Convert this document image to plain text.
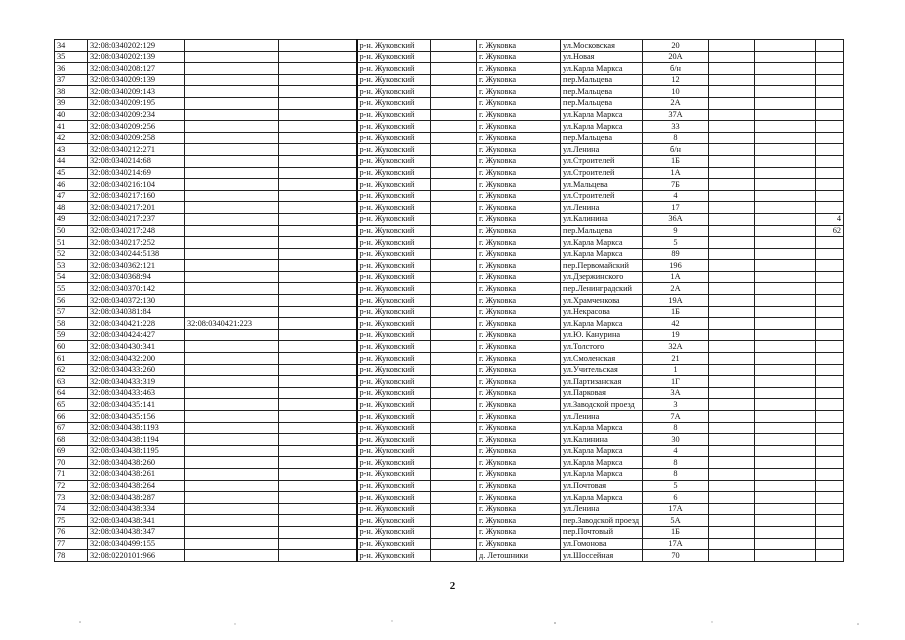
34	32:08:0340202:129			р-н. Жуковский		г. Жуковка	ул.Московская	20			
35	32:08:0340202:139			р-н. Жуковский		г. Жуковка	ул.Новая	20А			
36	32:08:0340208:127			р-н. Жуковский		г. Жуковка	ул.Карла Маркса	б/н			
37	32:08:0340209:139			р-н. Жуковский		г. Жуковка	пер.Мальцева	12			
38	32:08:0340209:143			р-н. Жуковский		г. Жуковка	пер.Мальцева	10			
39	32:08:0340209:195			р-н. Жуковский		г. Жуковка	пер.Мальцева	2А			
40	32:08:0340209:234			р-н. Жуковский		г. Жуковка	ул.Карла Маркса	37А			
41	32:08:0340209:256			р-н. Жуковский		г. Жуковка	ул.Карла Маркса	33			
42	32:08:0340209:258			р-н. Жуковский		г. Жуковка	пер.Мальцева	8			
43	32:08:0340212:271			р-н. Жуковский		г. Жуковка	ул.Ленина	б/н			
44	32:08:0340214:68			р-н. Жуковский		г. Жуковка	ул.Строителей	1Б			
45	32:08:0340214:69			р-н. Жуковский		г. Жуковка	ул.Строителей	1А			
46	32:08:0340216:104			р-н. Жуковский		г. Жуковка	ул.Мальцева	7Б			
47	32:08:0340217:160			р-н. Жуковский		г. Жуковка	ул.Строителей	4			
48	32:08:0340217:201			р-н. Жуковский		г. Жуковка	ул.Ленина	17			
49	32:08:0340217:237			р-н. Жуковский		г. Жуковка	ул.Калинина	36А			4
50	32:08:0340217:248			р-н. Жуковский		г. Жуковка	пер.Мальцева	9			62
51	32:08:0340217:252			р-н. Жуковский		г. Жуковка	ул.Карла Маркса	5			
52	32:08:0340244:5138			р-н. Жуковский		г. Жуковка	ул.Карла Маркса	89			
53	32:08:0340362:121			р-н. Жуковский		г. Жуковка	пер.Первомайский	196			
54	32:08:0340368:94			р-н. Жуковский		г. Жуковка	ул.Дзержинского	1А			
55	32:08:0340370:142			р-н. Жуковский		г. Жуковка	пер.Ленинградский	2А			
56	32:08:0340372:130			р-н. Жуковский		г. Жуковка	ул.Храмченкова	19А			
57	32:08:0340381:84			р-н. Жуковский		г. Жуковка	ул.Некрасова	1Б			
58	32:08:0340421:228	32:08:0340421:223		р-н. Жуковский		г. Жуковка	ул.Карла Маркса	42			
59	32:08:0340424:427			р-н. Жуковский		г. Жуковка	ул.Ю. Канурина	19			
60	32:08:0340430:341			р-н. Жуковский		г. Жуковка	ул.Толстого	32А			
61	32:08:0340432:200			р-н. Жуковский		г. Жуковка	ул.Смоленская	21			
62	32:08:0340433:260			р-н. Жуковский		г. Жуковка	ул.Учительская	1			
63	32:08:0340433:319			р-н. Жуковский		г. Жуковка	ул.Партизанская	1Г			
64	32:08:0340433:463			р-н. Жуковский		г. Жуковка	ул.Парковая	3А			
65	32:08:0340435:141			р-н. Жуковский		г. Жуковка	ул.Заводской проезд	3			
66	32:08:0340435:156			р-н. Жуковский		г. Жуковка	ул.Ленина	7А			
67	32:08:0340438:1193			р-н. Жуковский		г. Жуковка	ул.Карла Маркса	8			
68	32:08:0340438:1194			р-н. Жуковский		г. Жуковка	ул.Калинина	30			
69	32:08:0340438:1195			р-н. Жуковский		г. Жуковка	ул.Карла Маркса	4			
70	32:08:0340438:260			р-н. Жуковский		г. Жуковка	ул.Карла Маркса	8			
71	32:08:0340438:261			р-н. Жуковский		г. Жуковка	ул.Карла Маркса	8			
72	32:08:0340438:264			р-н. Жуковский		г. Жуковка	ул.Почтовая	5			
73	32:08:0340438:287			р-н. Жуковский		г. Жуковка	ул.Карла Маркса	6			
74	32:08:0340438:334			р-н. Жуковский		г. Жуковка	ул.Ленина	17А			
75	32:08:0340438:341			р-н. Жуковский		г. Жуковка	пер.Заводской проезд	5А			
76	32:08:0340438:347			р-н. Жуковский		г. Жуковка	пер.Почтовый	1Б			
77	32:08:0340499:155			р-н. Жуковский		г. Жуковка	ул.Гомонова	17А			
78	32:08:0220101:966			р-н. Жуковский		д. Летошники	ул.Шоссейная	70			
2
